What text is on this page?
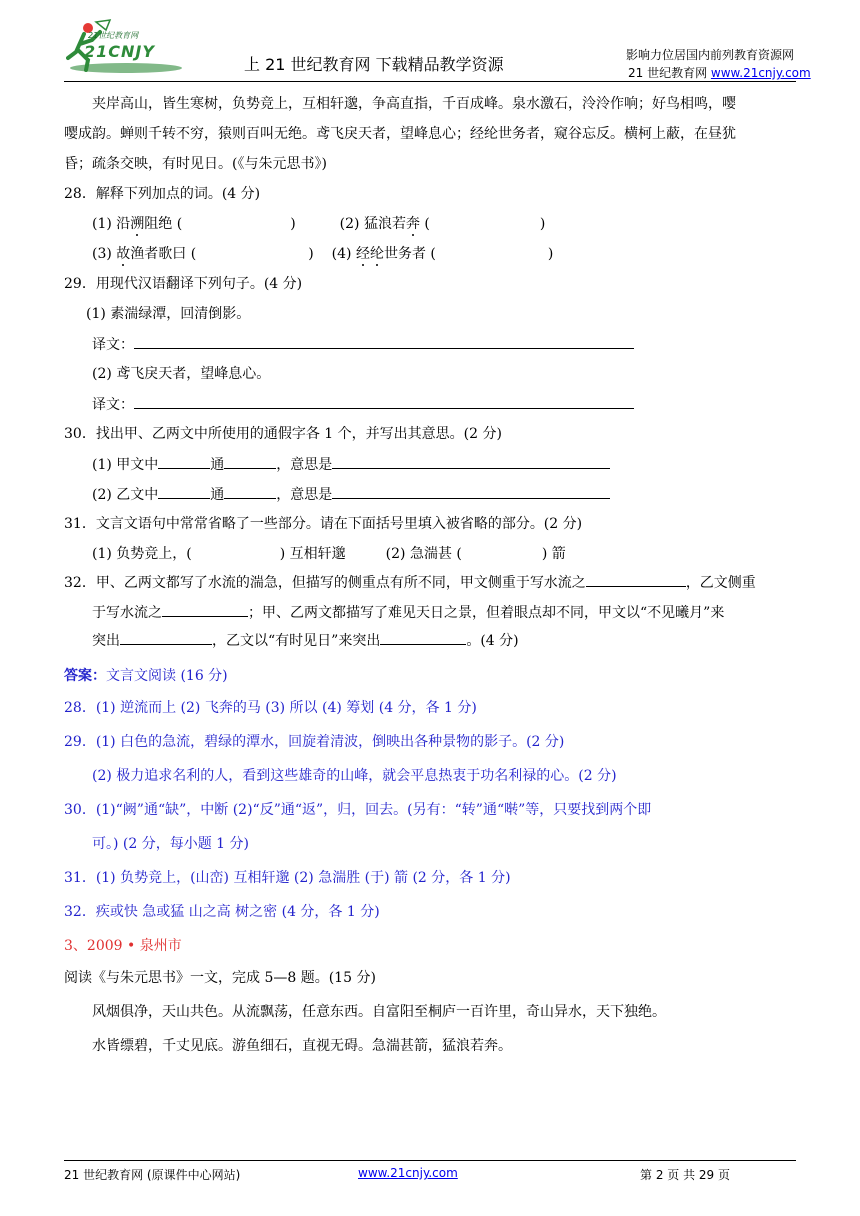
21世纪教育网
21CNJY
上 21 世纪教育网 下载精品教学资源	影响力位居国内前列教育资源网
21 世纪教育网 www.21cnjy.com
夹岸高山，皆生寒树，负势竞上，互相轩邈，争高直指，千百成峰。泉水激石，泠泠作响；好鸟相鸣，嘤
嘤成韵。蝉则千转不穷，猿则百叫无绝。鸢飞戾天者，望峰息心；经纶世务者，窥谷忘反。横柯上蔽，在昼犹
昏；疏条交映，有时见日。(《与朱元思书》)
28．解释下列加点的词。(4 分)
(1) 沿溯阻绝 (	)	(2) 猛浪若奔 (	)
(3) 故渔者歌曰 (	) (4) 经纶世务者 (	)
29．用现代汉语翻译下列句子。(4 分)
(1) 素湍绿潭，回清倒影。
译文：
(2) 鸢飞戾天者，望峰息心。
译文：
30．找出甲、乙两文中所使用的通假字各 1 个，并写出其意思。(2 分)
(1) 甲文中	通	，意思是
(2) 乙文中	通	，意思是
31．文言文语句中常常省略了一些部分。请在下面括号里填入被省略的部分。(2 分)
(1) 负势竞上，(	) 互相轩邈	(2) 急湍甚 (	) 箭
32．甲、乙两文都写了水流的湍急，但描写的侧重点有所不同，甲文侧重于写水流之	，乙文侧重
于写水流之	；甲、乙两文都描写了难见天日之景，但着眼点却不同，甲文以“不见曦月”来
突出	，乙文以“有时见日”来突出	。(4 分)
答案：文言文阅读 (16 分)
28．(1) 逆流而上 (2) 飞奔的马 (3) 所以 (4) 筹划 (4 分，各 1 分)
29．(1) 白色的急流，碧绿的潭水，回旋着清波，倒映出各种景物的影子。(2 分)
(2) 极力追求名利的人，看到这些雄奇的山峰，就会平息热衷于功名利禄的心。(2 分)
30．(1)“阙”通“缺”，中断 (2)“反”通“返”，归，回去。(另有：“转”通“啭”等，只要找到两个即
可。) (2 分，每小题 1 分)
31．(1) 负势竞上，(山峦) 互相轩邈 (2) 急湍胜 (于) 箭 (2 分，各 1 分)
32．疾或快 急或猛 山之高 树之密 (4 分，各 1 分)
3、2009 • 泉州市
阅读《与朱元思书》一文，完成 5—8 题。(15 分)
风烟俱净，天山共色。从流飘荡，任意东西。自富阳至桐庐一百许里，奇山异水，天下独绝。
水皆缥碧，千丈见底。游鱼细石，直视无碍。急湍甚箭，猛浪若奔。
21 世纪教育网 (原课件中心网站)	www.21cnjy.com	第 2 页 共 29 页
